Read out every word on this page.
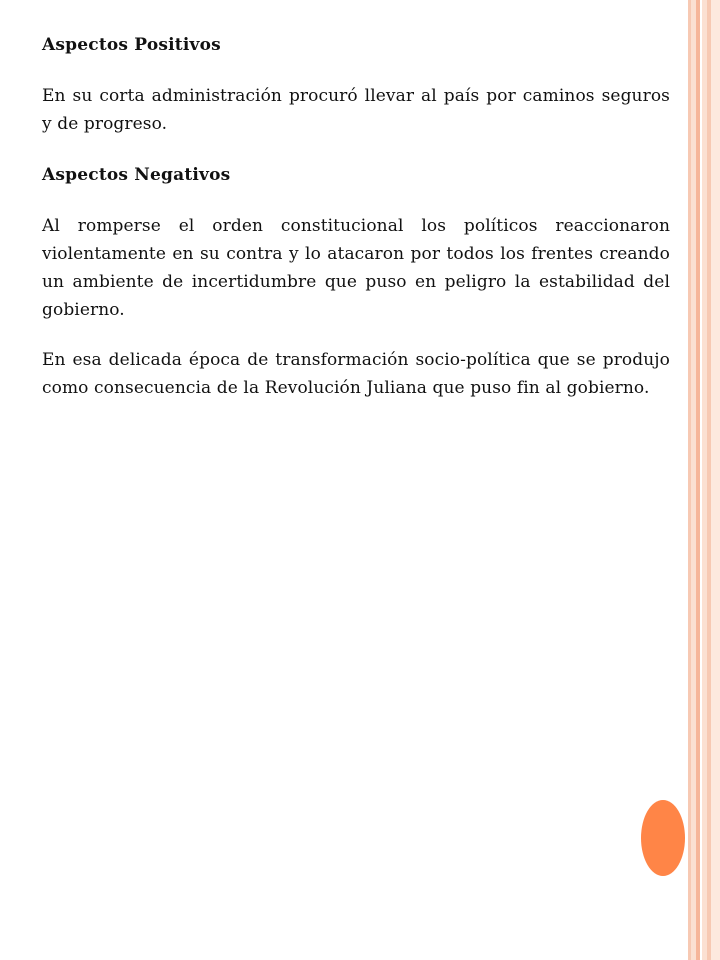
Aspectos Positivos

En su corta administración procuró llevar al país por caminos seguros y de progreso.

Aspectos Negativos

Al romperse el orden constitucional los políticos reaccionaron violentamente en su contra y lo atacaron por todos los frentes creando un ambiente de incertidumbre que puso en peligro la estabilidad del gobierno.

En esa delicada época de transformación socio-política que se produjo como consecuencia de la Revolución Juliana que puso fin al gobierno.
